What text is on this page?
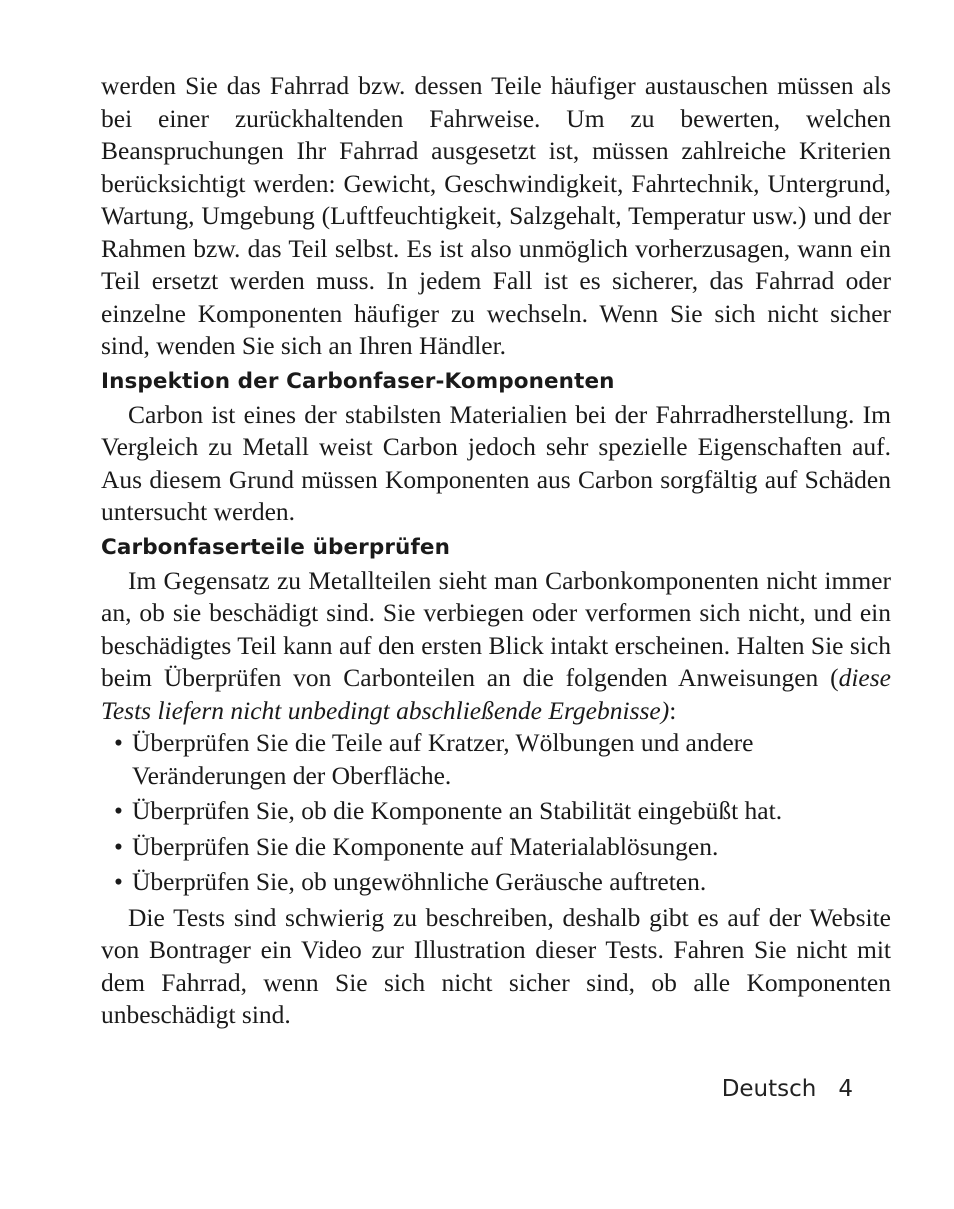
werden Sie das Fahrrad bzw. dessen Teile häufiger austauschen müssen als bei einer zurückhaltenden Fahrweise. Um zu bewerten, welchen Beanspruchungen Ihr Fahrrad ausgesetzt ist, müssen zahlreiche Kriterien berücksichtigt werden: Gewicht, Geschwindigkeit, Fahrtechnik, Untergrund, Wartung, Umgebung (Luftfeuchtigkeit, Salzgehalt, Temperatur usw.) und der Rahmen bzw. das Teil selbst. Es ist also unmöglich vorherzusagen, wann ein Teil ersetzt werden muss. In jedem Fall ist es sicherer, das Fahrrad oder einzelne Komponenten häufiger zu wechseln. Wenn Sie sich nicht sicher sind, wenden Sie sich an Ihren Händler.

Inspektion der Carbonfaser-Komponenten

Carbon ist eines der stabilsten Materialien bei der Fahrradherstellung. Im Vergleich zu Metall weist Carbon jedoch sehr spezielle Eigenschaften auf. Aus diesem Grund müssen Komponenten aus Carbon sorgfältig auf Schäden untersucht werden.

Carbonfaserteile überprüfen

Im Gegensatz zu Metallteilen sieht man Carbonkomponenten nicht immer an, ob sie beschädigt sind. Sie verbiegen oder verformen sich nicht, und ein beschädigtes Teil kann auf den ersten Blick intakt erscheinen. Halten Sie sich beim Überprüfen von Carbonteilen an die folgenden Anweisungen (diese Tests liefern nicht unbedingt abschließende Ergebnisse):

• Überprüfen Sie die Teile auf Kratzer, Wölbungen und andere Veränderungen der Oberfläche.
• Überprüfen Sie, ob die Komponente an Stabilität eingebüßt hat.
• Überprüfen Sie die Komponente auf Materialablösungen.
• Überprüfen Sie, ob ungewöhnliche Geräusche auftreten.

Die Tests sind schwierig zu beschreiben, deshalb gibt es auf der Website von Bontrager ein Video zur Illustration dieser Tests. Fahren Sie nicht mit dem Fahrrad, wenn Sie sich nicht sicher sind, ob alle Komponenten unbeschädigt sind.

Deutsch 4
